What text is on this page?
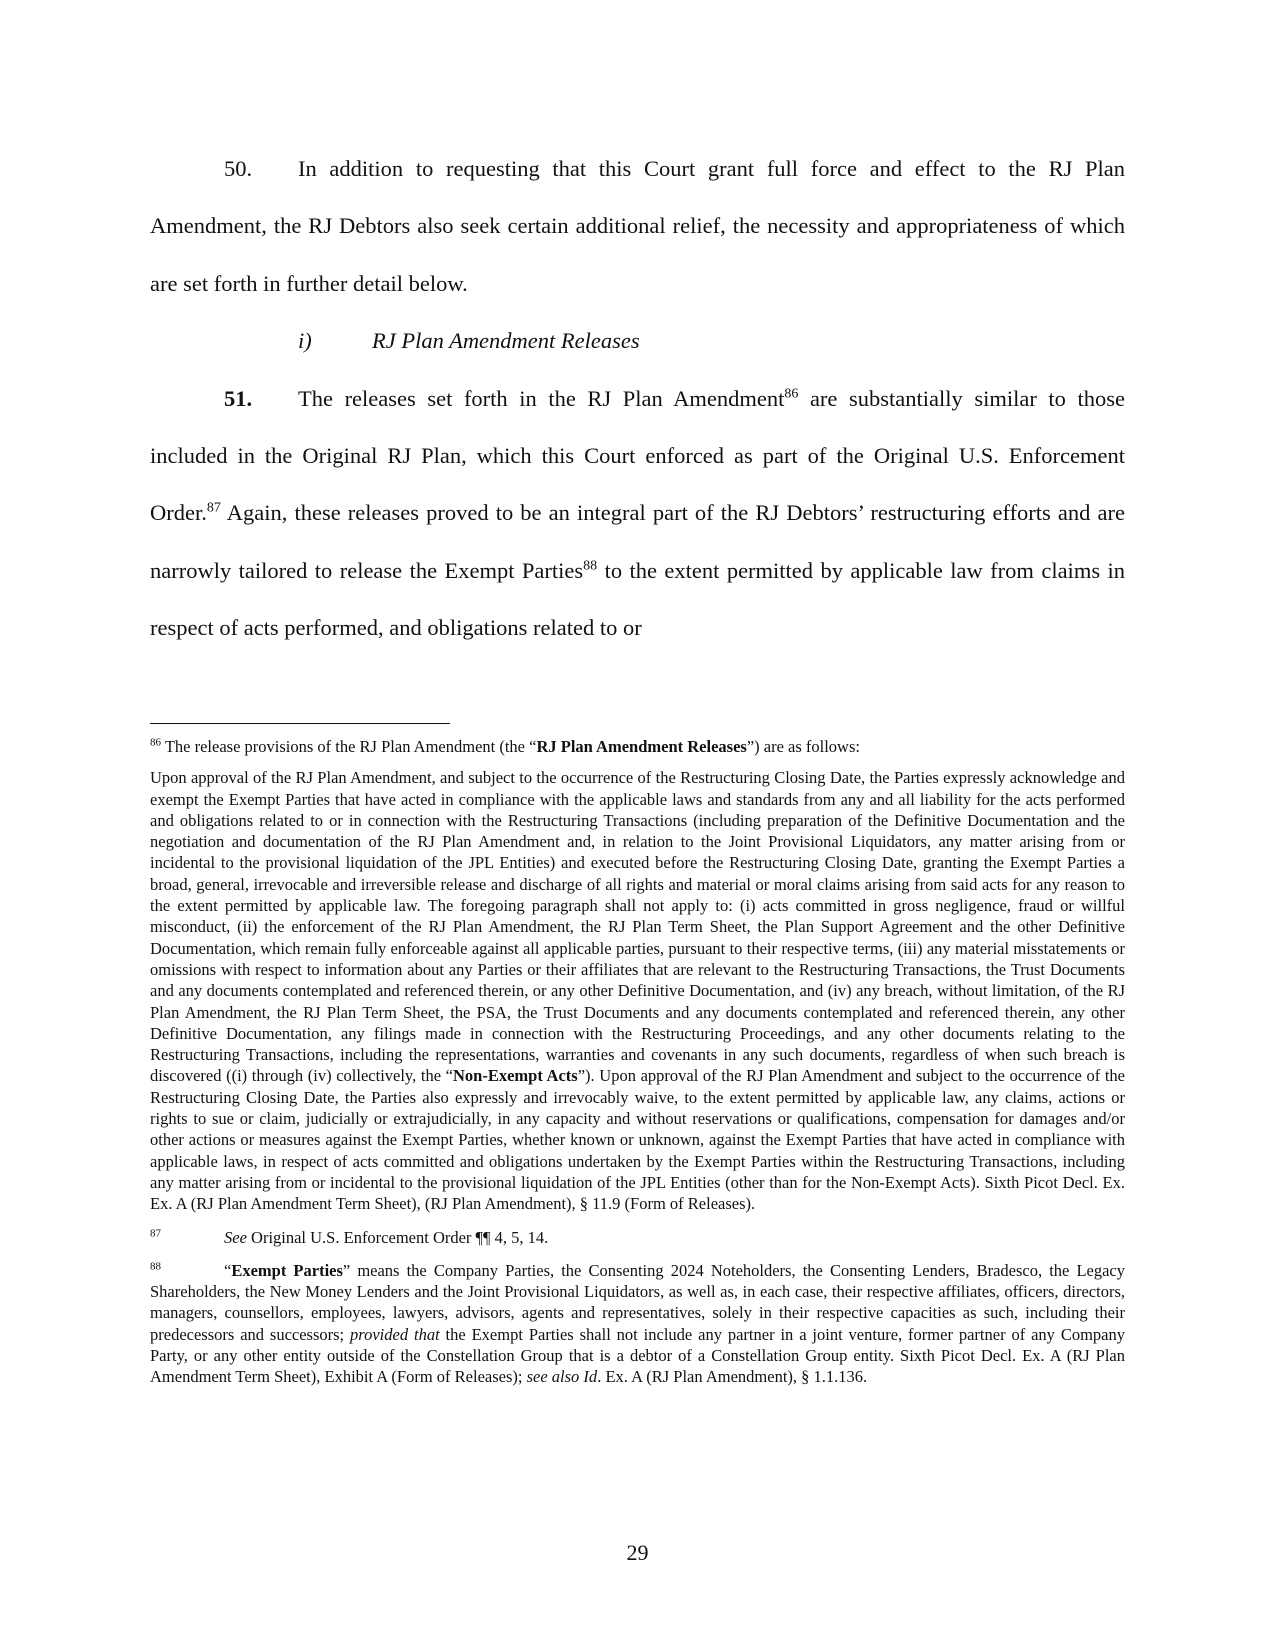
50. In addition to requesting that this Court grant full force and effect to the RJ Plan Amendment, the RJ Debtors also seek certain additional relief, the necessity and appropriateness of which are set forth in further detail below.

i)	RJ Plan Amendment Releases

51. The releases set forth in the RJ Plan Amendment$^{86}$ are substantially similar to those included in the Original RJ Plan, which this Court enforced as part of the Original U.S. Enforcement Order.$^{87}$ Again, these releases proved to be an integral part of the RJ Debtors’ restructuring efforts and are narrowly tailored to release the Exempt Parties$^{88}$ to the extent permitted by applicable law from claims in respect of acts performed, and obligations related to or

$^{86}$ The release provisions of the RJ Plan Amendment (the “RJ Plan Amendment Releases”) are as follows:

Upon approval of the RJ Plan Amendment, and subject to the occurrence of the Restructuring Closing Date, the Parties expressly acknowledge and exempt the Exempt Parties that have acted in compliance with the applicable laws and standards from any and all liability for the acts performed and obligations related to or in connection with the Restructuring Transactions (including preparation of the Definitive Documentation and the negotiation and documentation of the RJ Plan Amendment and, in relation to the Joint Provisional Liquidators, any matter arising from or incidental to the provisional liquidation of the JPL Entities) and executed before the Restructuring Closing Date, granting the Exempt Parties a broad, general, irrevocable and irreversible release and discharge of all rights and material or moral claims arising from said acts for any reason to the extent permitted by applicable law. The foregoing paragraph shall not apply to: (i) acts committed in gross negligence, fraud or willful misconduct, (ii) the enforcement of the RJ Plan Amendment, the RJ Plan Term Sheet, the Plan Support Agreement and the other Definitive Documentation, which remain fully enforceable against all applicable parties, pursuant to their respective terms, (iii) any material misstatements or omissions with respect to information about any Parties or their affiliates that are relevant to the Restructuring Transactions, the Trust Documents and any documents contemplated and referenced therein, or any other Definitive Documentation, and (iv) any breach, without limitation, of the RJ Plan Amendment, the RJ Plan Term Sheet, the PSA, the Trust Documents and any documents contemplated and referenced therein, any other Definitive Documentation, any filings made in connection with the Restructuring Proceedings, and any other documents relating to the Restructuring Transactions, including the representations, warranties and covenants in any such documents, regardless of when such breach is discovered ((i) through (iv) collectively, the “Non-Exempt Acts”). Upon approval of the RJ Plan Amendment and subject to the occurrence of the Restructuring Closing Date, the Parties also expressly and irrevocably waive, to the extent permitted by applicable law, any claims, actions or rights to sue or claim, judicially or extrajudicially, in any capacity and without reservations or qualifications, compensation for damages and/or other actions or measures against the Exempt Parties, whether known or unknown, against the Exempt Parties that have acted in compliance with applicable laws, in respect of acts committed and obligations undertaken by the Exempt Parties within the Restructuring Transactions, including any matter arising from or incidental to the provisional liquidation of the JPL Entities (other than for the Non-Exempt Acts). Sixth Picot Decl. Ex. Ex. A (RJ Plan Amendment Term Sheet), (RJ Plan Amendment), § 11.9 (Form of Releases).

$^{87}$	See Original U.S. Enforcement Order ¶¶ 4, 5, 14.

$^{88}$	“Exempt Parties” means the Company Parties, the Consenting 2024 Noteholders, the Consenting Lenders, Bradesco, the Legacy Shareholders, the New Money Lenders and the Joint Provisional Liquidators, as well as, in each case, their respective affiliates, officers, directors, managers, counsellors, employees, lawyers, advisors, agents and representatives, solely in their respective capacities as such, including their predecessors and successors; provided that the Exempt Parties shall not include any partner in a joint venture, former partner of any Company Party, or any other entity outside of the Constellation Group that is a debtor of a Constellation Group entity. Sixth Picot Decl. Ex. A (RJ Plan Amendment Term Sheet), Exhibit A (Form of Releases); see also Id. Ex. A (RJ Plan Amendment), § 1.1.136.

29
